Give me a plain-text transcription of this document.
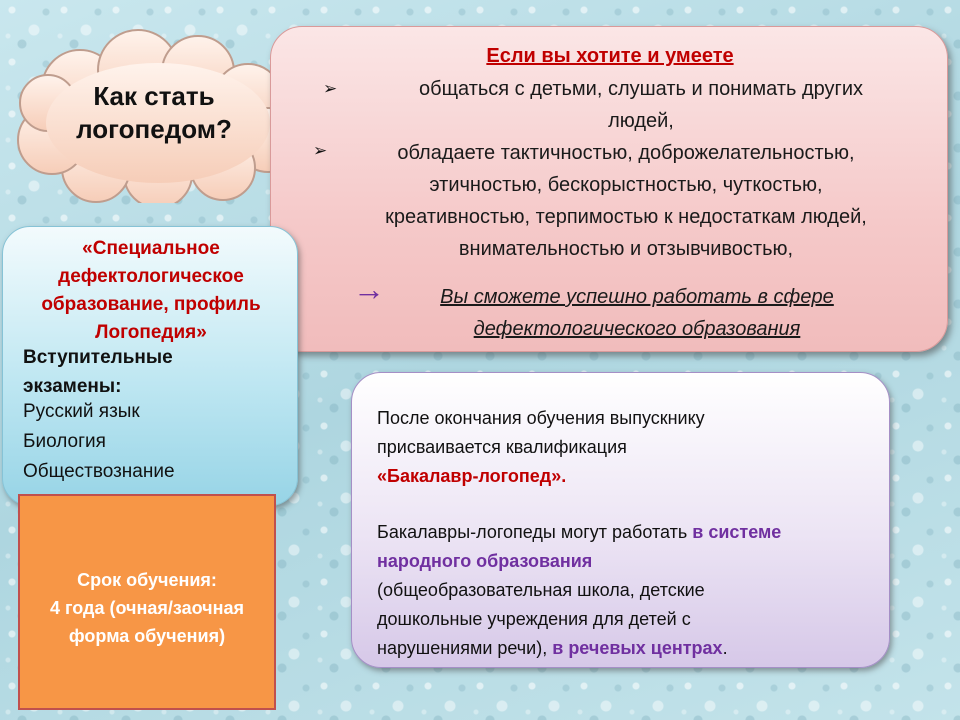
Как стать
логопедом?
Если вы хотите и умеете
➢	общаться с детьми, слушать и понимать других
людей,
➢	обладаете тактичностью, доброжелательностью,
этичностью, бескорыстностью, чуткостью,
креативностью, терпимостью к недостаткам людей,
внимательностью и отзывчивостью,
→	Вы сможете успешно работать в сфере
дефектологического образования
«Специальное
дефектологическое
образование, профиль
Логопедия»
Вступительные
экзамены:
Русский язык
Биология
Обществознание
Срок обучения:
4 года (очная/заочная
форма обучения)
После окончания обучения выпускнику
присваивается квалификация
«Бакалавр-логопед».
Бакалавры-логопеды могут работать в системе
народного образования
(общеобразовательная школа, детские
дошкольные учреждения для детей с
нарушениями речи), в речевых центрах.
